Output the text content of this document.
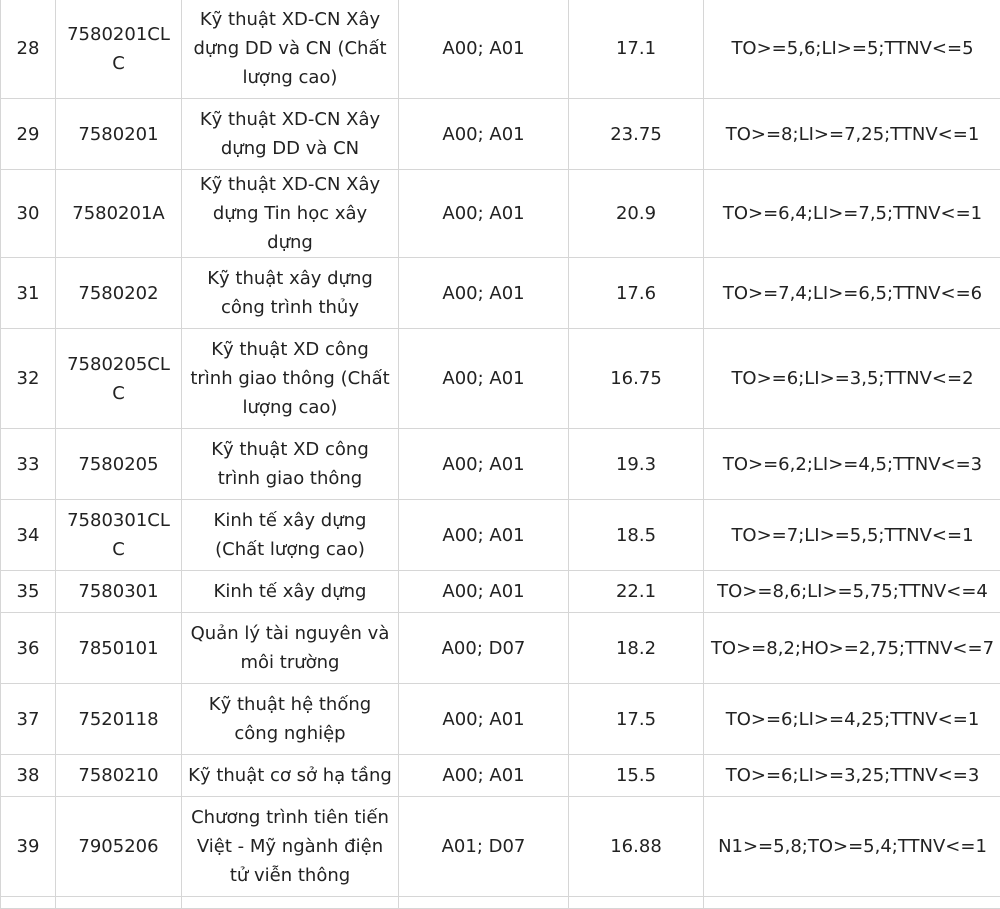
28	7580201CLC	Kỹ thuật XD-CN Xây dựng DD và CN (Chất lượng cao)	A00; A01	17.1	TO>=5,6;LI>=5;TTNV<=5
29	7580201	Kỹ thuật XD-CN Xây dựng DD và CN	A00; A01	23.75	TO>=8;LI>=7,25;TTNV<=1
30	7580201A	Kỹ thuật XD-CN Xây dựng Tin học xây dựng	A00; A01	20.9	TO>=6,4;LI>=7,5;TTNV<=1
31	7580202	Kỹ thuật xây dựng công trình thủy	A00; A01	17.6	TO>=7,4;LI>=6,5;TTNV<=6
32	7580205CLC	Kỹ thuật XD công trình giao thông (Chất lượng cao)	A00; A01	16.75	TO>=6;LI>=3,5;TTNV<=2
33	7580205	Kỹ thuật XD công trình giao thông	A00; A01	19.3	TO>=6,2;LI>=4,5;TTNV<=3
34	7580301CLC	Kinh tế xây dựng (Chất lượng cao)	A00; A01	18.5	TO>=7;LI>=5,5;TTNV<=1
35	7580301	Kinh tế xây dựng	A00; A01	22.1	TO>=8,6;LI>=5,75;TTNV<=4
36	7850101	Quản lý tài nguyên và môi trường	A00; D07	18.2	TO>=8,2;HO>=2,75;TTNV<=7
37	7520118	Kỹ thuật hệ thống công nghiệp	A00; A01	17.5	TO>=6;LI>=4,25;TTNV<=1
38	7580210	Kỹ thuật cơ sở hạ tầng	A00; A01	15.5	TO>=6;LI>=3,25;TTNV<=3
39	7905206	Chương trình tiên tiến Việt - Mỹ ngành điện tử viễn thông	A01; D07	16.88	N1>=5,8;TO>=5,4;TTNV<=1
